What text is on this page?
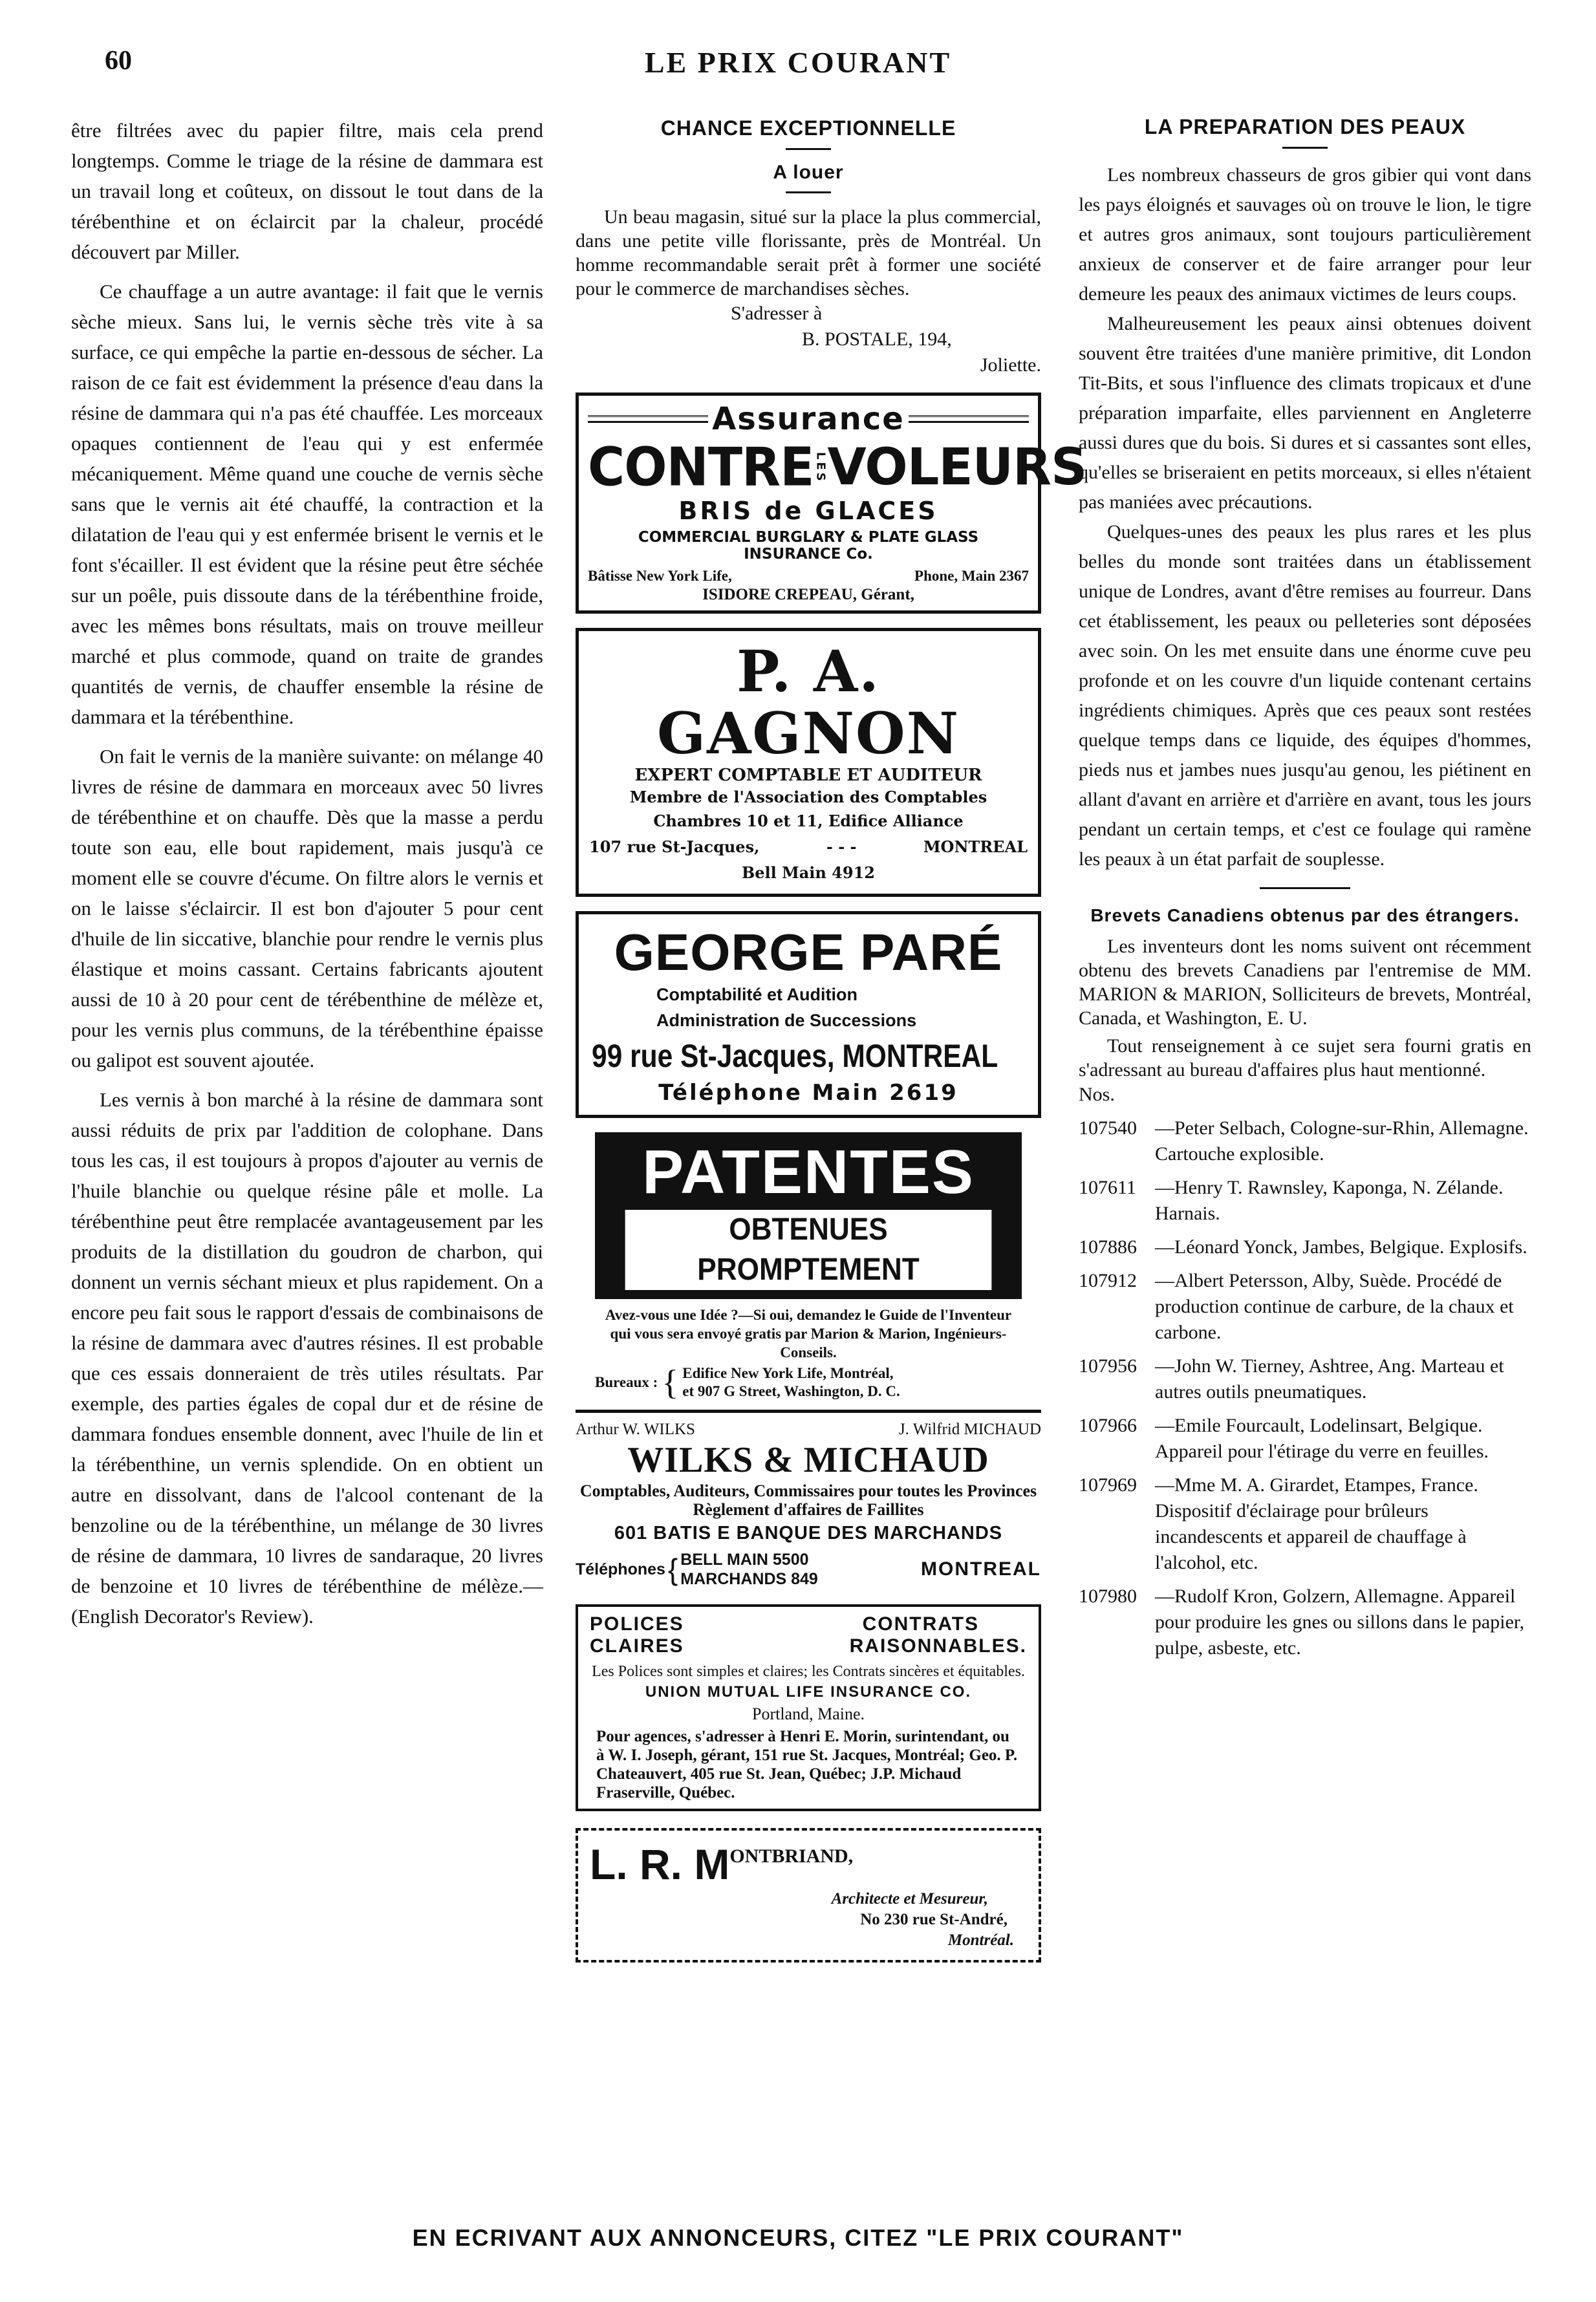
60	LE PRIX COURANT

être filtrées avec du papier filtre, mais cela prend longtemps. Comme le triage de la résine de dammara est un travail long et coûteux, on dissout le tout dans de la térébenthine et on éclaircit par la chaleur, procédé découvert par Miller.

Ce chauffage a un autre avantage: il fait que le vernis sèche mieux. Sans lui, le vernis sèche très vite à sa surface, ce qui empêche la partie en-dessous de sécher. La raison de ce fait est évidemment la présence d'eau dans la résine de dammara qui n'a pas été chauffée. Les morceaux opaques contiennent de l'eau qui y est enfermée mécaniquement. Même quand une couche de vernis sèche sans que le vernis ait été chauffé, la contraction et la dilatation de l'eau qui y est enfermée brisent le vernis et le font s'écailler. Il est évident que la résine peut être séchée sur un poêle, puis dissoute dans de la térébenthine froide, avec les mêmes bons résultats, mais on trouve meilleur marché et plus commode, quand on traite de grandes quantités de vernis, de chauffer ensemble la résine de dammara et la térébenthine.

On fait le vernis de la manière suivante: on mélange 40 livres de résine de dammara en morceaux avec 50 livres de térébenthine et on chauffe. Dès que la masse a perdu toute son eau, elle bout rapidement, mais jusqu'à ce moment elle se couvre d'écume. On filtre alors le vernis et on le laisse s'éclaircir. Il est bon d'ajouter 5 pour cent d'huile de lin siccative, blanchie pour rendre le vernis plus élastique et moins cassant. Certains fabricants ajoutent aussi de 10 à 20 pour cent de térébenthine de mélèze et, pour les vernis plus communs, de la térébenthine épaisse ou galipot est souvent ajoutée.

Les vernis à bon marché à la résine de dammara sont aussi réduits de prix par l'addition de colophane. Dans tous les cas, il est toujours à propos d'ajouter au vernis de l'huile blanchie ou quelque résine pâle et molle. La térébenthine peut être remplacée avantageusement par les produits de la distillation du goudron de charbon, qui donnent un vernis séchant mieux et plus rapidement. On a encore peu fait sous le rapport d'essais de combinaisons de la résine de dammara avec d'autres résines. Il est probable que ces essais donneraient de très utiles résultats. Par exemple, des parties égales de copal dur et de résine de dammara fondues ensemble donnent, avec l'huile de lin et la térébenthine, un vernis splendide. On en obtient un autre en dissolvant, dans de l'alcool contenant de la benzoline ou de la térébenthine, un mélange de 30 livres de résine de dammara, 10 livres de sandaraque, 20 livres de benzoine et 10 livres de térébenthine de mélèze.— (English Decorator's Review).

CHANCE EXCEPTIONNELLE
A louer

Un beau magasin, situé sur la place la plus commercial, dans une petite ville florissante, près de Montréal. Un homme recommandable serait prêt à former une société pour le commerce de marchandises sèches.

S'adresser à
B. POSTALE, 194,
Joliette.
Assurance
CONTRE LES VOLEURS
BRIS de GLACES
COMMERCIAL BURGLARY & PLATE GLASS INSURANCE Co.
Bâtisse New York Life,	Phone, Main 2367
ISIDORE CREPEAU, Gérant,
P. A. GAGNON
EXPERT COMPTABLE ET AUDITEUR
Membre de l'Association des Comptables
Chambres 10 et 11, Edifice Alliance
107 rue St-Jacques,	- - -	MONTREAL
Bell Main 4912
GEORGE PARÉ
Comptabilité et Audition
Administration de Successions
99 rue St-Jacques, MONTREAL
Téléphone Main 2619
PATENTES
OBTENUES PROMPTEMENT
Avez-vous une Idée ?—Si oui, demandez le Guide de l'Inventeur qui vous sera envoyé gratis par Marion & Marion, Ingénieurs-Conseils.
Bureaux : { Edifice New York Life, Montréal,
et 907 G Street, Washington, D. C.
Arthur W. WILKS	J. Wilfrid MICHAUD
WILKS & MICHAUD
Comptables, Auditeurs, Commissaires pour toutes les Provinces
Règlement d'affaires de Faillites
601 BATIS E BANQUE DES MARCHANDS
Téléphones { BELL MAIN 5500
MARCHANDS 849	MONTREAL
POLICES
CLAIRES
CONTRATS
RAISONNABLES.
Les Polices sont simples et claires; les Contrats sincères et équitables.
UNION MUTUAL LIFE INSURANCE CO.
Portland, Maine.
Pour agences, s'adresser à Henri E. Morin, surintendant, ou à W. I. Joseph, gérant, 151 rue St. Jacques, Montréal; Geo. P. Chateauvert, 405 rue St. Jean, Québec; J.P. Michaud Fraserville, Québec.
L. R. M ONTBRIAND,
Architecte et Mesureur,
No 230 rue St-André,
Montréal.
LA PREPARATION DES PEAUX

Les nombreux chasseurs de gros gibier qui vont dans les pays éloignés et sauvages où on trouve le lion, le tigre et autres gros animaux, sont toujours particulièrement anxieux de conserver et de faire arranger pour leur demeure les peaux des animaux victimes de leurs coups.

Malheureusement les peaux ainsi obtenues doivent souvent être traitées d'une manière primitive, dit London Tit-Bits, et sous l'influence des climats tropicaux et d'une préparation imparfaite, elles parviennent en Angleterre aussi dures que du bois. Si dures et si cassantes sont elles, qu'elles se briseraient en petits morceaux, si elles n'étaient pas maniées avec précautions.

Quelques-unes des peaux les plus rares et les plus belles du monde sont traitées dans un établissement unique de Londres, avant d'être remises au fourreur. Dans cet établissement, les peaux ou pelleteries sont déposées avec soin. On les met ensuite dans une énorme cuve peu profonde et on les couvre d'un liquide contenant certains ingrédients chimiques. Après que ces peaux sont restées quelque temps dans ce liquide, des équipes d'hommes, pieds nus et jambes nues jusqu'au genou, les piétinent en allant d'avant en arrière et d'arrière en avant, tous les jours pendant un certain temps, et c'est ce foulage qui ramène les peaux à un état parfait de souplesse.

Brevets Canadiens obtenus par des étrangers.

Les inventeurs dont les noms suivent ont récemment obtenu des brevets Canadiens par l'entremise de MM. MARION & MARION, Solliciteurs de brevets, Montréal, Canada, et Washington, E. U.

Tout renseignement à ce sujet sera fourni gratis en s'adressant au bureau d'affaires plus haut mentionné.

Nos.
107540 —Peter Selbach, Cologne-sur-Rhin, Allemagne. Cartouche explosible.
107611 —Henry T. Rawnsley, Kaponga, N. Zélande. Harnais.
107886 —Léonard Yonck, Jambes, Belgique. Explosifs.
107912 —Albert Petersson, Alby, Suède. Procédé de production continue de carbure, de la chaux et carbone.
107956 —John W. Tierney, Ashtree, Ang. Marteau et autres outils pneumatiques.
107966 —Emile Fourcault, Lodelinsart, Belgique. Appareil pour l'étirage du verre en feuilles.
107969 —Mme M. A. Girardet, Etampes, France. Dispositif d'éclairage pour brûleurs incandescents et appareil de chauffage à l'alcohol, etc.
107980 —Rudolf Kron, Golzern, Allemagne. Appareil pour produire les gnes ou sillons dans le papier, pulpe, asbeste, etc.
EN ECRIVANT AUX ANNONCEURS, CITEZ "LE PRIX COURANT"
